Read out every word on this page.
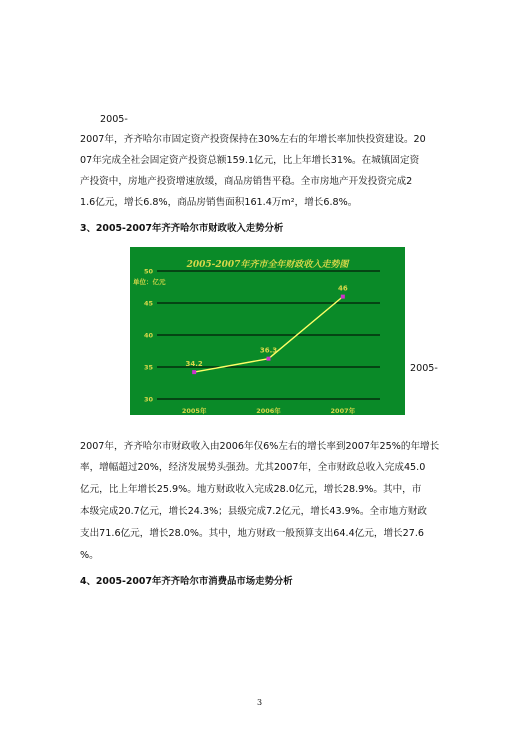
2005-
2007年，齐齐哈尔市固定资产投资保持在30%左右的年增长率加快投资建设。20
07年完成全社会固定资产投资总额159.1亿元，比上年增长31%。在城镇固定资
产投资中，房地产投资增速放缓，商品房销售平稳。全市房地产开发投资完成2
1.6亿元，增长6.8%，商品房销售面积161.4万m²，增长6.8%。
3、2005-2007年齐齐哈尔市财政收入走势分析
2005-2007年齐市全年财政收入走势图
单位：亿元
50
45
40
35
30
2005年	2006年	2007年
34.2
36.3
46
2005-
2007年，齐齐哈尔市财政收入由2006年仅6%左右的增长率到2007年25%的年增长
率，增幅超过20%，经济发展势头强劲。尤其2007年，全市财政总收入完成45.0
亿元，比上年增长25.9%。地方财政收入完成28.0亿元，增长28.9%。其中，市
本级完成20.7亿元，增长24.3%；县级完成7.2亿元，增长43.9%。全市地方财政
支出71.6亿元，增长28.0%。其中，地方财政一般预算支出64.4亿元，增长27.6
%。
4、2005-2007年齐齐哈尔市消费品市场走势分析
3
